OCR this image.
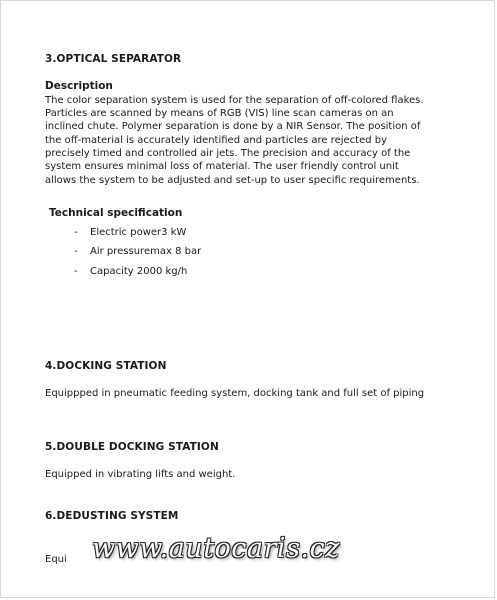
3.OPTICAL SEPARATOR
Description
The color separation system is used for the separation of off-colored flakes.
Particles are scanned by means of RGB (VIS) line scan cameras on an
inclined chute. Polymer separation is done by a NIR Sensor. The position of
the off-material is accurately identified and particles are rejected by
precisely timed and controlled air jets. The precision and accuracy of the
system ensures minimal loss of material. The user friendly control unit
allows the system to be adjusted and set-up to user specific requirements.
Technical specification
- Electric power3 kW
- Air pressuremax 8 bar
- Capacity 2000 kg/h
4.DOCKING STATION
Equippped in pneumatic feeding system, docking tank and full set of piping
5.DOUBLE DOCKING STATION
Equipped in vibrating lifts and weight.
6.DEDUSTING SYSTEM
Equi www.autocaris.cz
